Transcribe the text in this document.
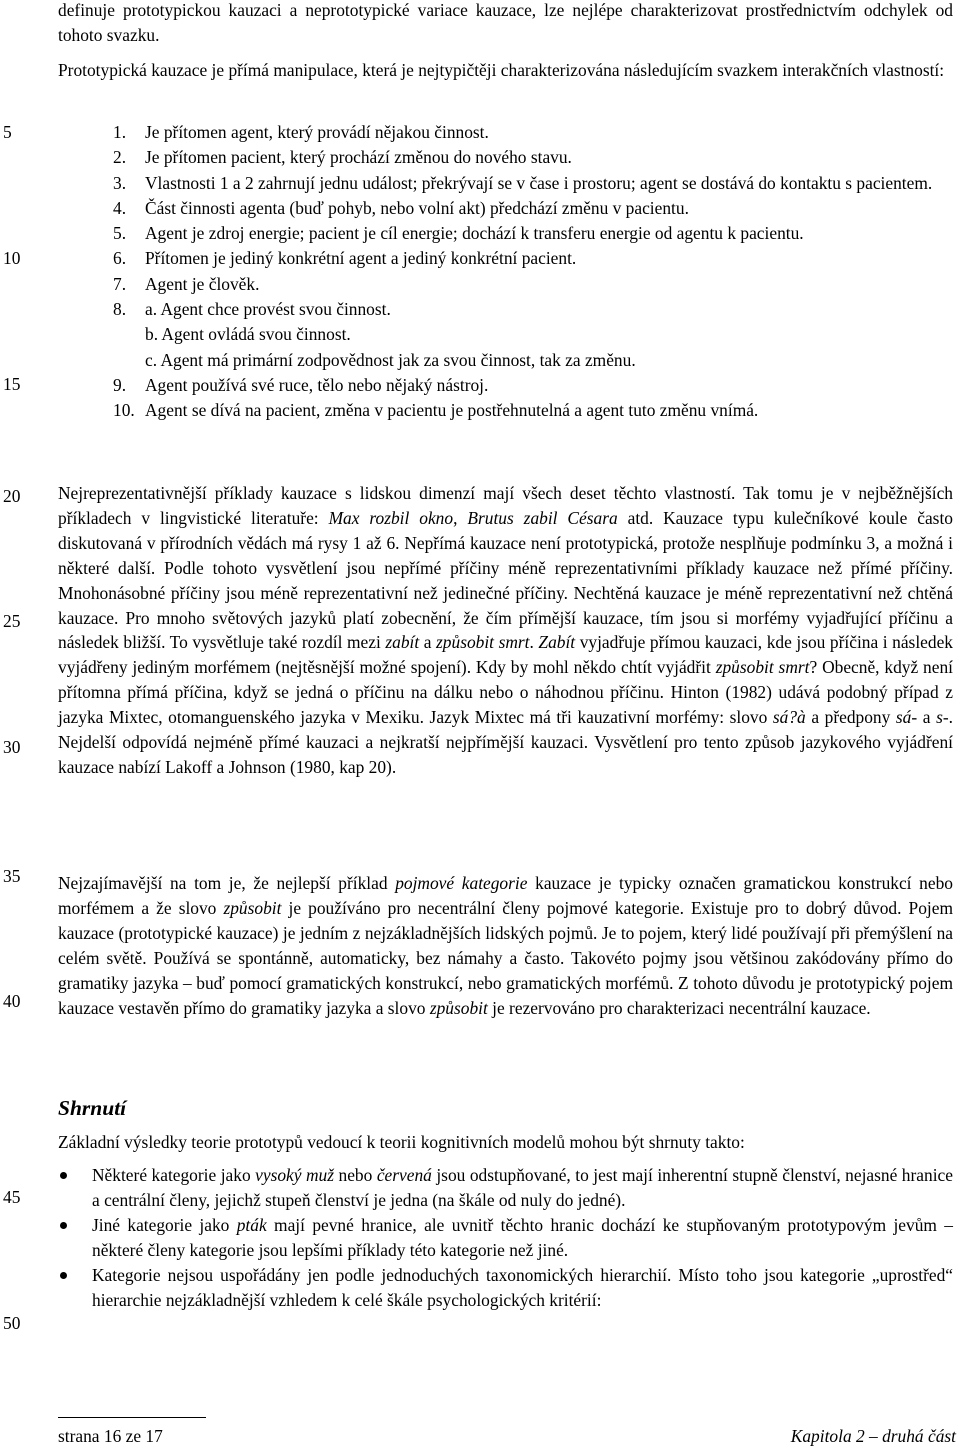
5
10
15
20
25
30
35
40
45
50

definuje prototypickou kauzaci a neprototypické variace kauzace, lze nejlépe charakterizovat prostřednictvím odchylek od tohoto svazku.

Prototypická kauzace je přímá manipulace, která je nejtypičtěji charakterizována následujícím svazkem interakčních vlastností:

1. Je přítomen agent, který provádí nějakou činnost.
2. Je přítomen pacient, který prochází změnou do nového stavu.
3. Vlastnosti 1 a 2 zahrnují jednu událost; překrývají se v čase i prostoru; agent se dostává do kontaktu s pacientem.
4. Část činnosti agenta (buď pohyb, nebo volní akt) předchází změnu v pacientu.
5. Agent je zdroj energie; pacient je cíl energie; dochází k transferu energie od agentu k pacientu.
6. Přítomen je jediný konkrétní agent a jediný konkrétní pacient.
7. Agent je člověk.
8. a. Agent chce provést svou činnost.
b. Agent ovládá svou činnost.
c. Agent má primární zodpovědnost jak za svou činnost, tak za změnu.
9. Agent používá své ruce, tělo nebo nějaký nástroj.
10. Agent se dívá na pacient, změna v pacientu je postřehnutelná a agent tuto změnu vnímá.

Nejreprezentativnější příklady kauzace s lidskou dimenzí mají všech deset těchto vlastností. Tak tomu je v nejběžnějších příkladech v lingvistické literatuře: Max rozbil okno, Brutus zabil Césara atd. Kauzace typu kulečníkové koule často diskutovaná v přírodních vědách má rysy 1 až 6. Nepřímá kauzace není prototypická, protože nesplňuje podmínku 3, a možná i některé další. Podle tohoto vysvětlení jsou nepřímé příčiny méně reprezentativními příklady kauzace než přímé příčiny. Mnohonásobné příčiny jsou méně reprezentativní než jedinečné příčiny. Nechtěná kauzace je méně reprezentativní než chtěná kauzace. Pro mnoho světových jazyků platí zobecnění, že čím přímější kauzace, tím jsou si morfémy vyjadřující příčinu a následek bližší. To vysvětluje také rozdíl mezi zabít a způsobit smrt. Zabít vyjadřuje přímou kauzaci, kde jsou příčina i následek vyjádřeny jediným morfémem (nejtěsnější možné spojení). Kdy by mohl někdo chtít vyjádřit způsobit smrt? Obecně, když není přítomna přímá příčina, když se jedná o příčinu na dálku nebo o náhodnou příčinu. Hinton (1982) udává podobný případ z jazyka Mixtec, otomanguenského jazyka v Mexiku. Jazyk Mixtec má tři kauzativní morfémy: slovo sá?à a předpony sá- a s-. Nejdelší odpovídá nejméně přímé kauzaci a nejkratší nejpřímější kauzaci. Vysvětlení pro tento způsob jazykového vyjádření kauzace nabízí Lakoff a Johnson (1980, kap 20).

Nejzajímavější na tom je, že nejlepší příklad pojmové kategorie kauzace je typicky označen gramatickou konstrukcí nebo morfémem a že slovo způsobit je používáno pro necentrální členy pojmové kategorie. Existuje pro to dobrý důvod. Pojem kauzace (prototypické kauzace) je jedním z nejzákladnějších lidských pojmů. Je to pojem, který lidé používají při přemýšlení na celém světě. Používá se spontánně, automaticky, bez námahy a často. Takovéto pojmy jsou většinou zakódovány přímo do gramatiky jazyka – buď pomocí gramatických konstrukcí, nebo gramatických morfémů. Z tohoto důvodu je prototypický pojem kauzace vestavěn přímo do gramatiky jazyka a slovo způsobit je rezervováno pro charakterizaci necentrální kauzace.

Shrnutí

Základní výsledky teorie prototypů vedoucí k teorii kognitivních modelů mohou být shrnuty takto:

Některé kategorie jako vysoký muž nebo červená jsou odstupňované, to jest mají inherentní stupně členství, nejasné hranice a centrální členy, jejichž stupeň členství je jedna (na škále od nuly do jedné).
Jiné kategorie jako pták mají pevné hranice, ale uvnitř těchto hranic dochází ke stupňovaným prototypovým jevům – některé členy kategorie jsou lepšími příklady této kategorie než jiné.
Kategorie nejsou uspořádány jen podle jednoduchých taxonomických hierarchií. Místo toho jsou kategorie „uprostřed“ hierarchie nejzákladnější vzhledem k celé škále psychologických kritérií:
strana 16 ze 17	Kapitola 2 – druhá část
